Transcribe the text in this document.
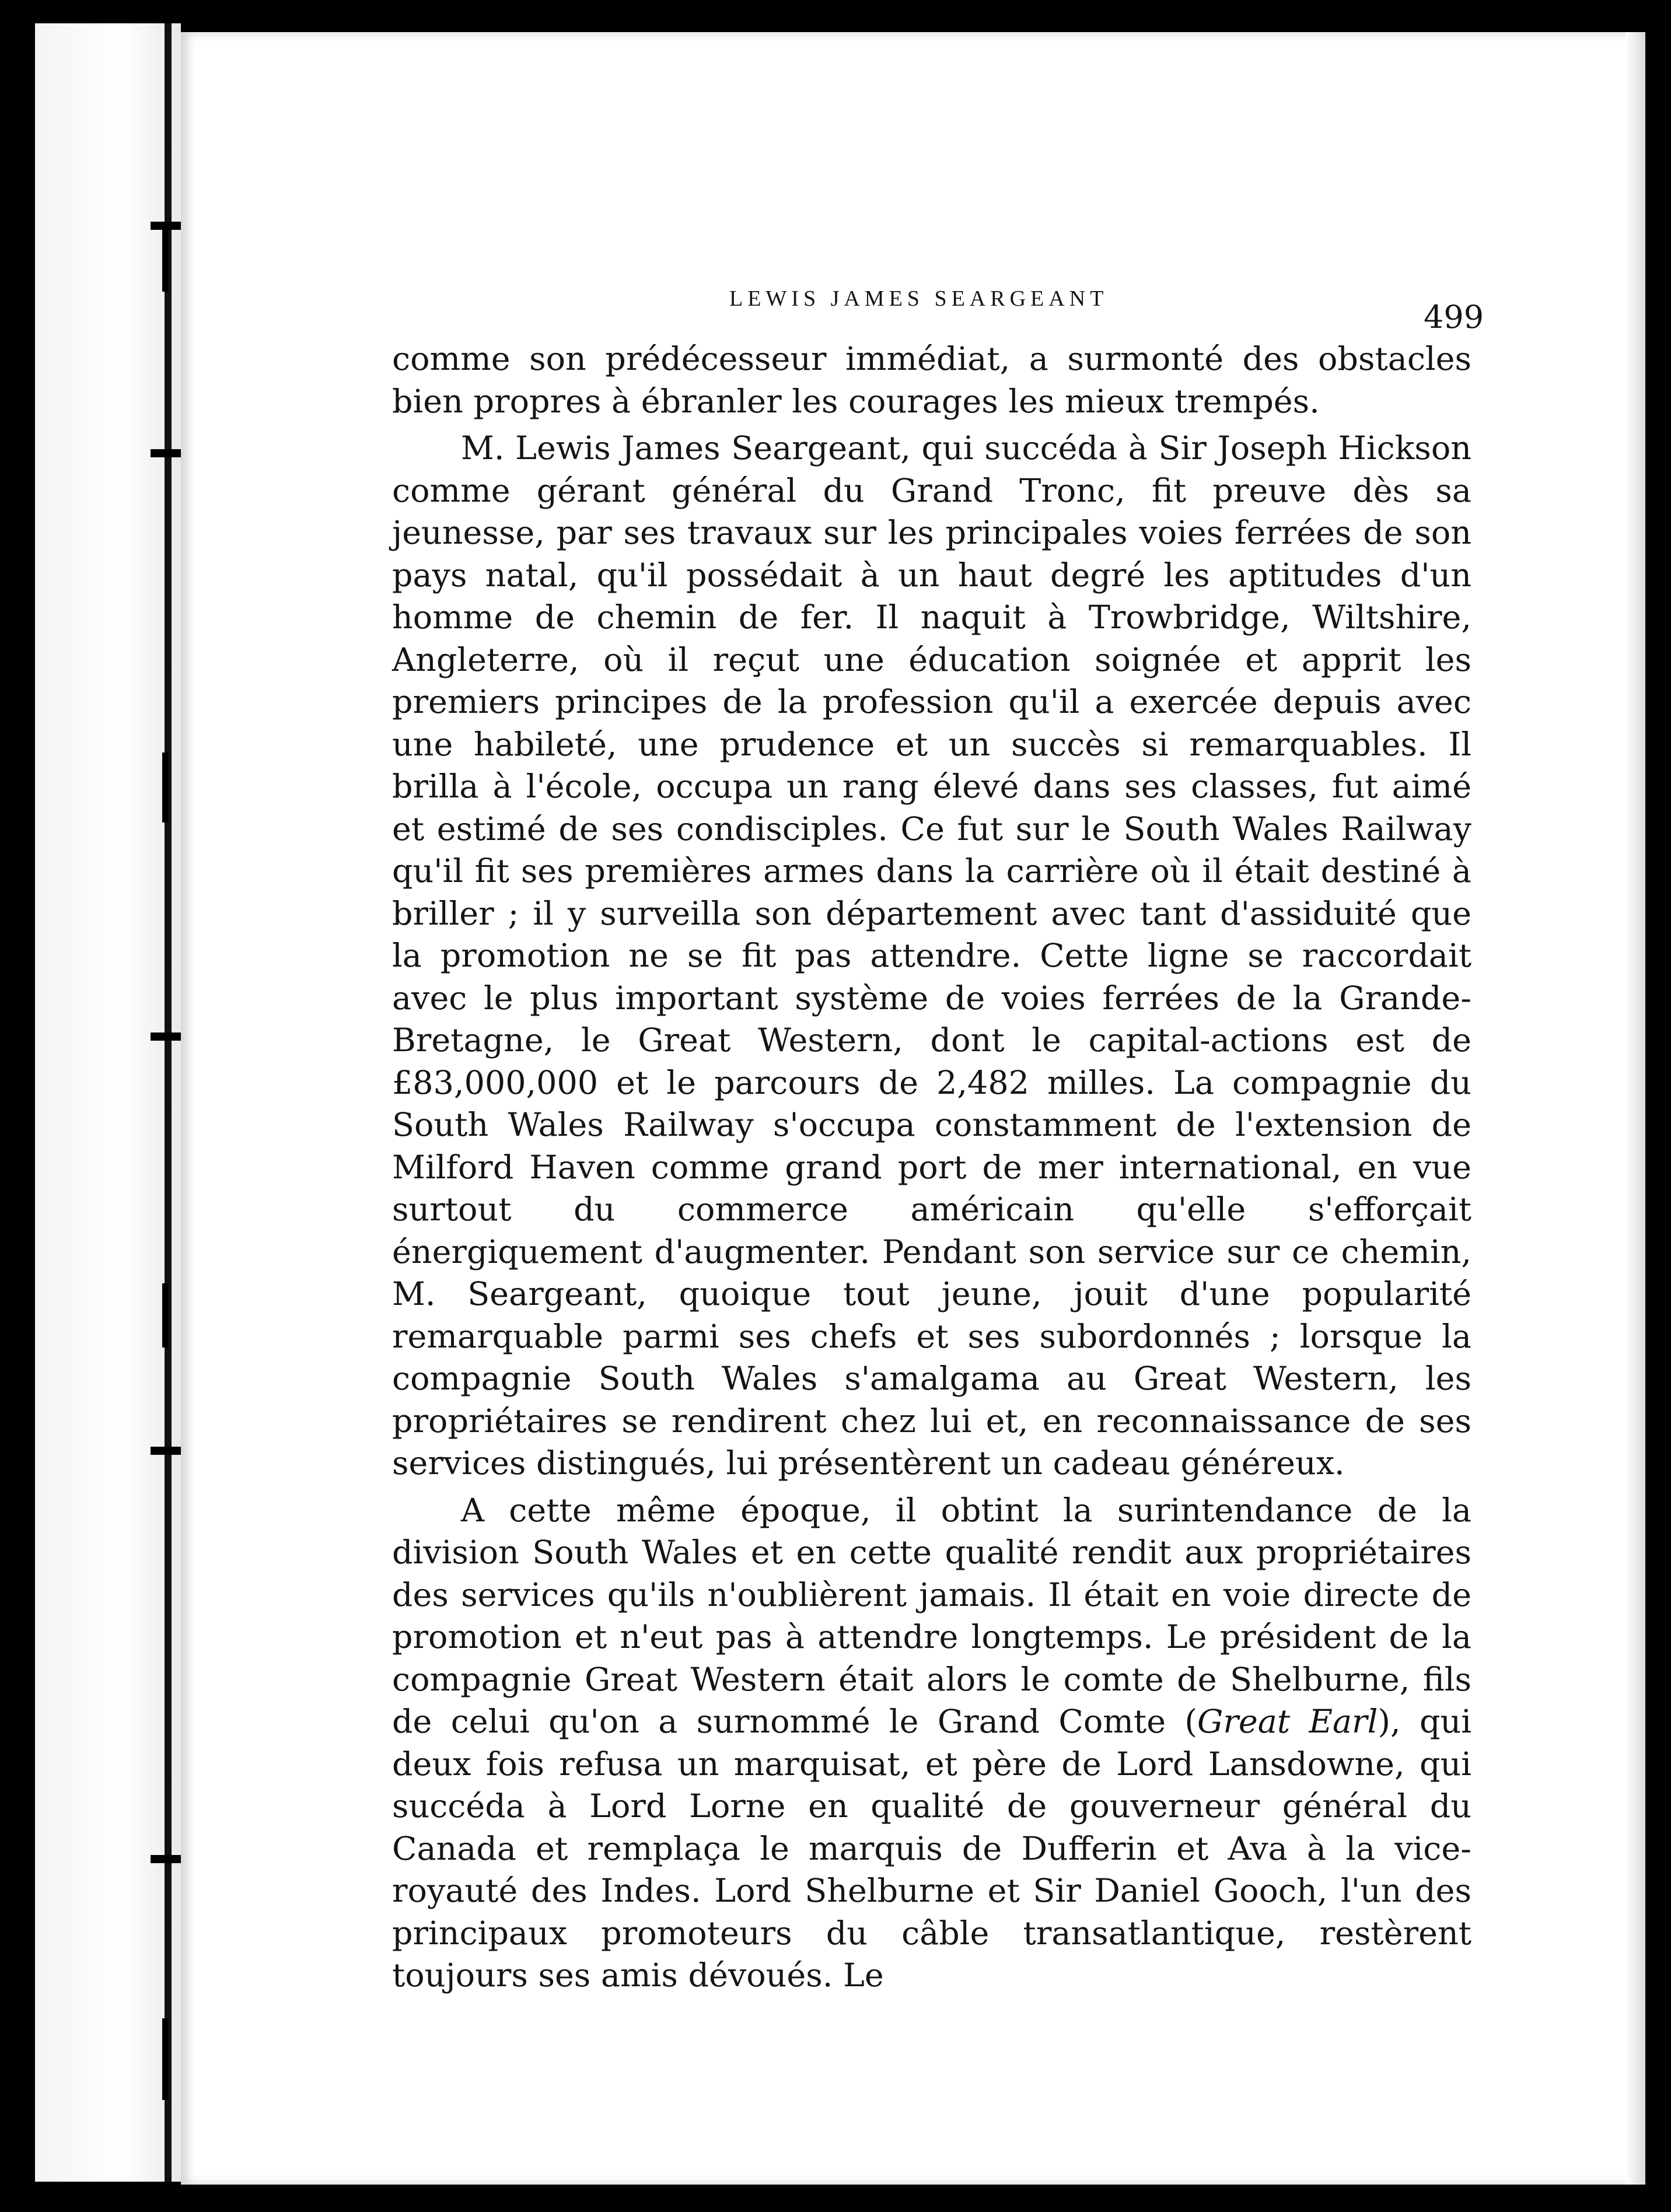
LEWIS JAMES SEARGEANT	499

comme son prédécesseur immédiat, a surmonté des obstacles bien propres à ébranler les courages les mieux trempés.

M. Lewis James Seargeant, qui succéda à Sir Joseph Hickson comme gérant général du Grand Tronc, fit preuve dès sa jeunesse, par ses travaux sur les principales voies ferrées de son pays natal, qu'il possédait à un haut degré les aptitudes d'un homme de chemin de fer. Il naquit à Trowbridge, Wiltshire, Angleterre, où il reçut une éducation soignée et apprit les premiers principes de la profession qu'il a exercée depuis avec une habileté, une prudence et un succès si remarquables. Il brilla à l'école, occupa un rang élevé dans ses classes, fut aimé et estimé de ses condisciples. Ce fut sur le South Wales Railway qu'il fit ses premières armes dans la carrière où il était destiné à briller ; il y surveilla son département avec tant d'assiduité que la promotion ne se fit pas attendre. Cette ligne se raccordait avec le plus important système de voies ferrées de la Grande-Bretagne, le Great Western, dont le capital-actions est de £83,000,000 et le parcours de 2,482 milles. La compagnie du South Wales Railway s'occupa constamment de l'extension de Milford Haven comme grand port de mer international, en vue surtout du commerce américain qu'elle s'efforçait énergiquement d'augmenter. Pendant son service sur ce chemin, M. Seargeant, quoique tout jeune, jouit d'une popularité remarquable parmi ses chefs et ses subordonnés ; lorsque la compagnie South Wales s'amalgama au Great Western, les propriétaires se rendirent chez lui et, en reconnaissance de ses services distingués, lui présentèrent un cadeau généreux.

A cette même époque, il obtint la surintendance de la division South Wales et en cette qualité rendit aux propriétaires des services qu'ils n'oublièrent jamais. Il était en voie directe de promotion et n'eut pas à attendre longtemps. Le président de la compagnie Great Western était alors le comte de Shelburne, fils de celui qu'on a surnommé le Grand Comte (Great Earl), qui deux fois refusa un marquisat, et père de Lord Lansdowne, qui succéda à Lord Lorne en qualité de gouverneur général du Canada et remplaça le marquis de Dufferin et Ava à la vice-royauté des Indes. Lord Shelburne et Sir Daniel Gooch, l'un des principaux promoteurs du câble transatlantique, restèrent toujours ses amis dévoués. Le
